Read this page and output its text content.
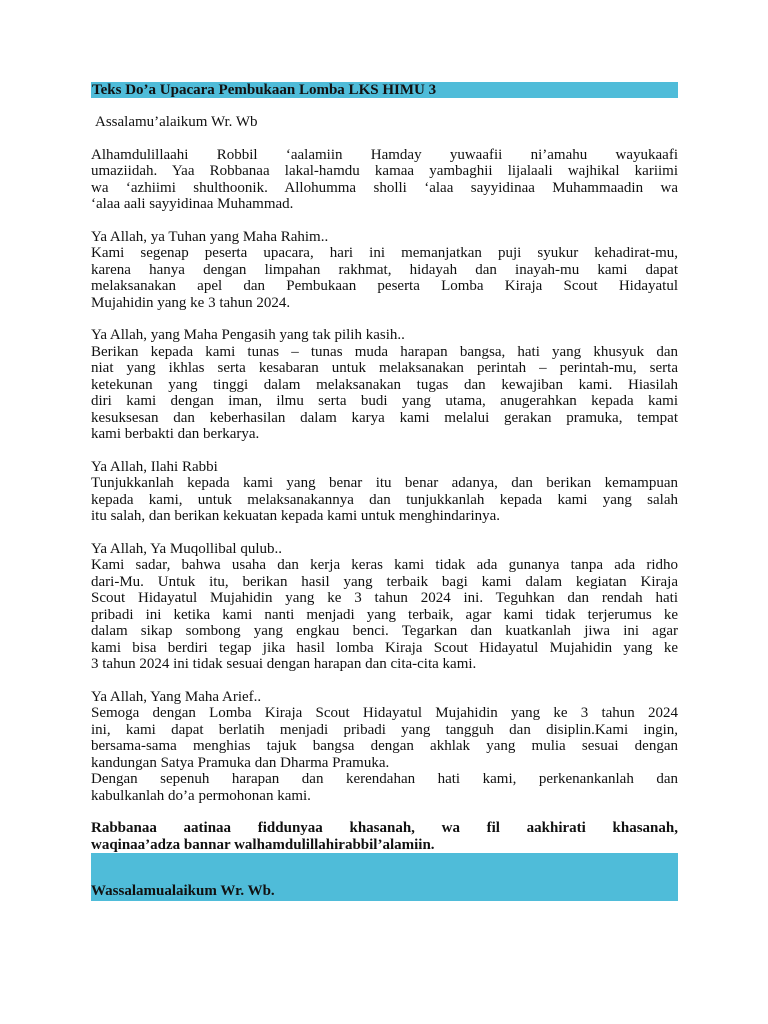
Teks Do’a Upacara Pembukaan Lomba LKS HIMU 3

Assalamu’alaikum Wr. Wb

Alhamdulillaahi Robbil ‘aalamiin Hamday yuwaafii ni’amahu wayukaafi

umaziidah. Yaa Robbanaa lakal-hamdu kamaa yambaghii lijalaali wajhikal kariimi

wa ‘azhiimi shulthoonik. Allohumma sholli ‘alaa sayyidinaa Muhammaadin wa

‘alaa aali sayyidinaa Muhammad.

Ya Allah, ya Tuhan yang Maha Rahim..

Kami segenap peserta upacara, hari ini memanjatkan puji syukur kehadirat-mu,

karena hanya dengan limpahan rakhmat, hidayah dan inayah-mu kami dapat

melaksanakan apel dan Pembukaan peserta Lomba Kiraja Scout Hidayatul

Mujahidin yang ke 3 tahun 2024.

Ya Allah, yang Maha Pengasih yang tak pilih kasih..

Berikan kepada kami tunas – tunas muda harapan bangsa, hati yang khusyuk dan

niat yang ikhlas serta kesabaran untuk melaksanakan perintah – perintah-mu, serta

ketekunan yang tinggi dalam melaksanakan tugas dan kewajiban kami. Hiasilah

diri kami dengan iman, ilmu serta budi yang utama, anugerahkan kepada kami

kesuksesan dan keberhasilan dalam karya kami melalui gerakan pramuka, tempat

kami berbakti dan berkarya.

Ya Allah, Ilahi Rabbi

Tunjukkanlah kepada kami yang benar itu benar adanya, dan berikan kemampuan

kepada kami, untuk melaksanakannya dan tunjukkanlah kepada kami yang salah

itu salah, dan berikan kekuatan kepada kami untuk menghindarinya.

Ya Allah, Ya Muqollibal qulub..

Kami sadar, bahwa usaha dan kerja keras kami tidak ada gunanya tanpa ada ridho

dari-Mu. Untuk itu, berikan hasil yang terbaik bagi kami dalam kegiatan Kiraja

Scout Hidayatul Mujahidin yang ke 3 tahun 2024 ini. Teguhkan dan rendah hati

pribadi ini ketika kami nanti menjadi yang terbaik, agar kami tidak terjerumus ke

dalam sikap sombong yang engkau benci. Tegarkan dan kuatkanlah jiwa ini agar

kami bisa berdiri tegap jika hasil lomba Kiraja Scout Hidayatul Mujahidin yang ke

3 tahun 2024 ini tidak sesuai dengan harapan dan cita-cita kami.

Ya Allah, Yang Maha Arief..

Semoga dengan Lomba Kiraja Scout Hidayatul Mujahidin yang ke 3 tahun 2024

ini, kami dapat berlatih menjadi pribadi yang tangguh dan disiplin.Kami ingin,

bersama-sama menghias tajuk bangsa dengan akhlak yang mulia sesuai dengan

kandungan Satya Pramuka dan Dharma Pramuka.

Dengan sepenuh harapan dan kerendahan hati kami, perkenankanlah dan

kabulkanlah do’a permohonan kami.

Rabbanaa aatinaa fiddunyaa khasanah, wa fil aakhirati khasanah,

waqinaa’adza bannar walhamdulillahirabbil’alamiin.

Wassalamualaikum Wr. Wb.
